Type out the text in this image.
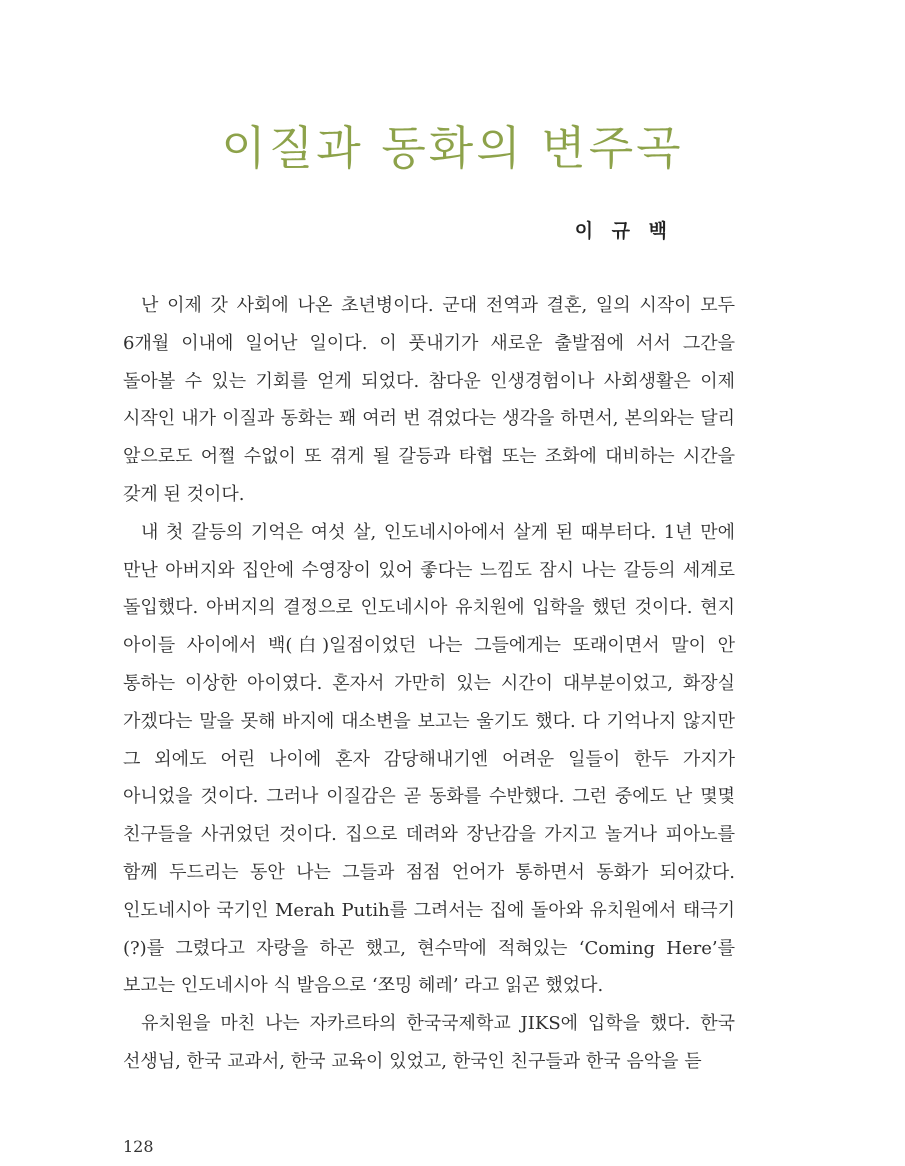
이질과 동화의 변주곡
이 규 백

난 이제 갓 사회에 나온 초년병이다. 군대 전역과 결혼, 일의 시작이 모두 6개월 이내에 일어난 일이다. 이 풋내기가 새로운 출발점에 서서 그간을 돌아볼 수 있는 기회를 얻게 되었다. 참다운 인생경험이나 사회생활은 이제 시작인 내가 이질과 동화는 꽤 여러 번 겪었다는 생각을 하면서, 본의와는 달리 앞으로도 어쩔 수없이 또 겪게 될 갈등과 타협 또는 조화에 대비하는 시간을 갖게 된 것이다.

내 첫 갈등의 기억은 여섯 살, 인도네시아에서 살게 된 때부터다. 1년 만에 만난 아버지와 집안에 수영장이 있어 좋다는 느낌도 잠시 나는 갈등의 세계로 돌입했다. 아버지의 결정으로 인도네시아 유치원에 입학을 했던 것이다. 현지 아이들 사이에서 백(白)일점이었던 나는 그들에게는 또래이면서 말이 안 통하는 이상한 아이였다. 혼자서 가만히 있는 시간이 대부분이었고, 화장실 가겠다는 말을 못해 바지에 대소변을 보고는 울기도 했다. 다 기억나지 않지만 그 외에도 어린 나이에 혼자 감당해내기엔 어려운 일들이 한두 가지가 아니었을 것이다. 그러나 이질감은 곧 동화를 수반했다. 그런 중에도 난 몇몇 친구들을 사귀었던 것이다. 집으로 데려와 장난감을 가지고 놀거나 피아노를 함께 두드리는 동안 나는 그들과 점점 언어가 통하면서 동화가 되어갔다. 인도네시아 국기인 Merah Putih를 그려서는 집에 돌아와 유치원에서 태극기(?)를 그렸다고 자랑을 하곤 했고, 현수막에 적혀있는 ‘Coming Here’를 보고는 인도네시아 식 발음으로 ‘쪼밍 헤레’ 라고 읽곤 했었다.

유치원을 마친 나는 자카르타의 한국국제학교 JIKS에 입학을 했다. 한국 선생님, 한국 교과서, 한국 교육이 있었고, 한국인 친구들과 한국 음악을 듣

128
